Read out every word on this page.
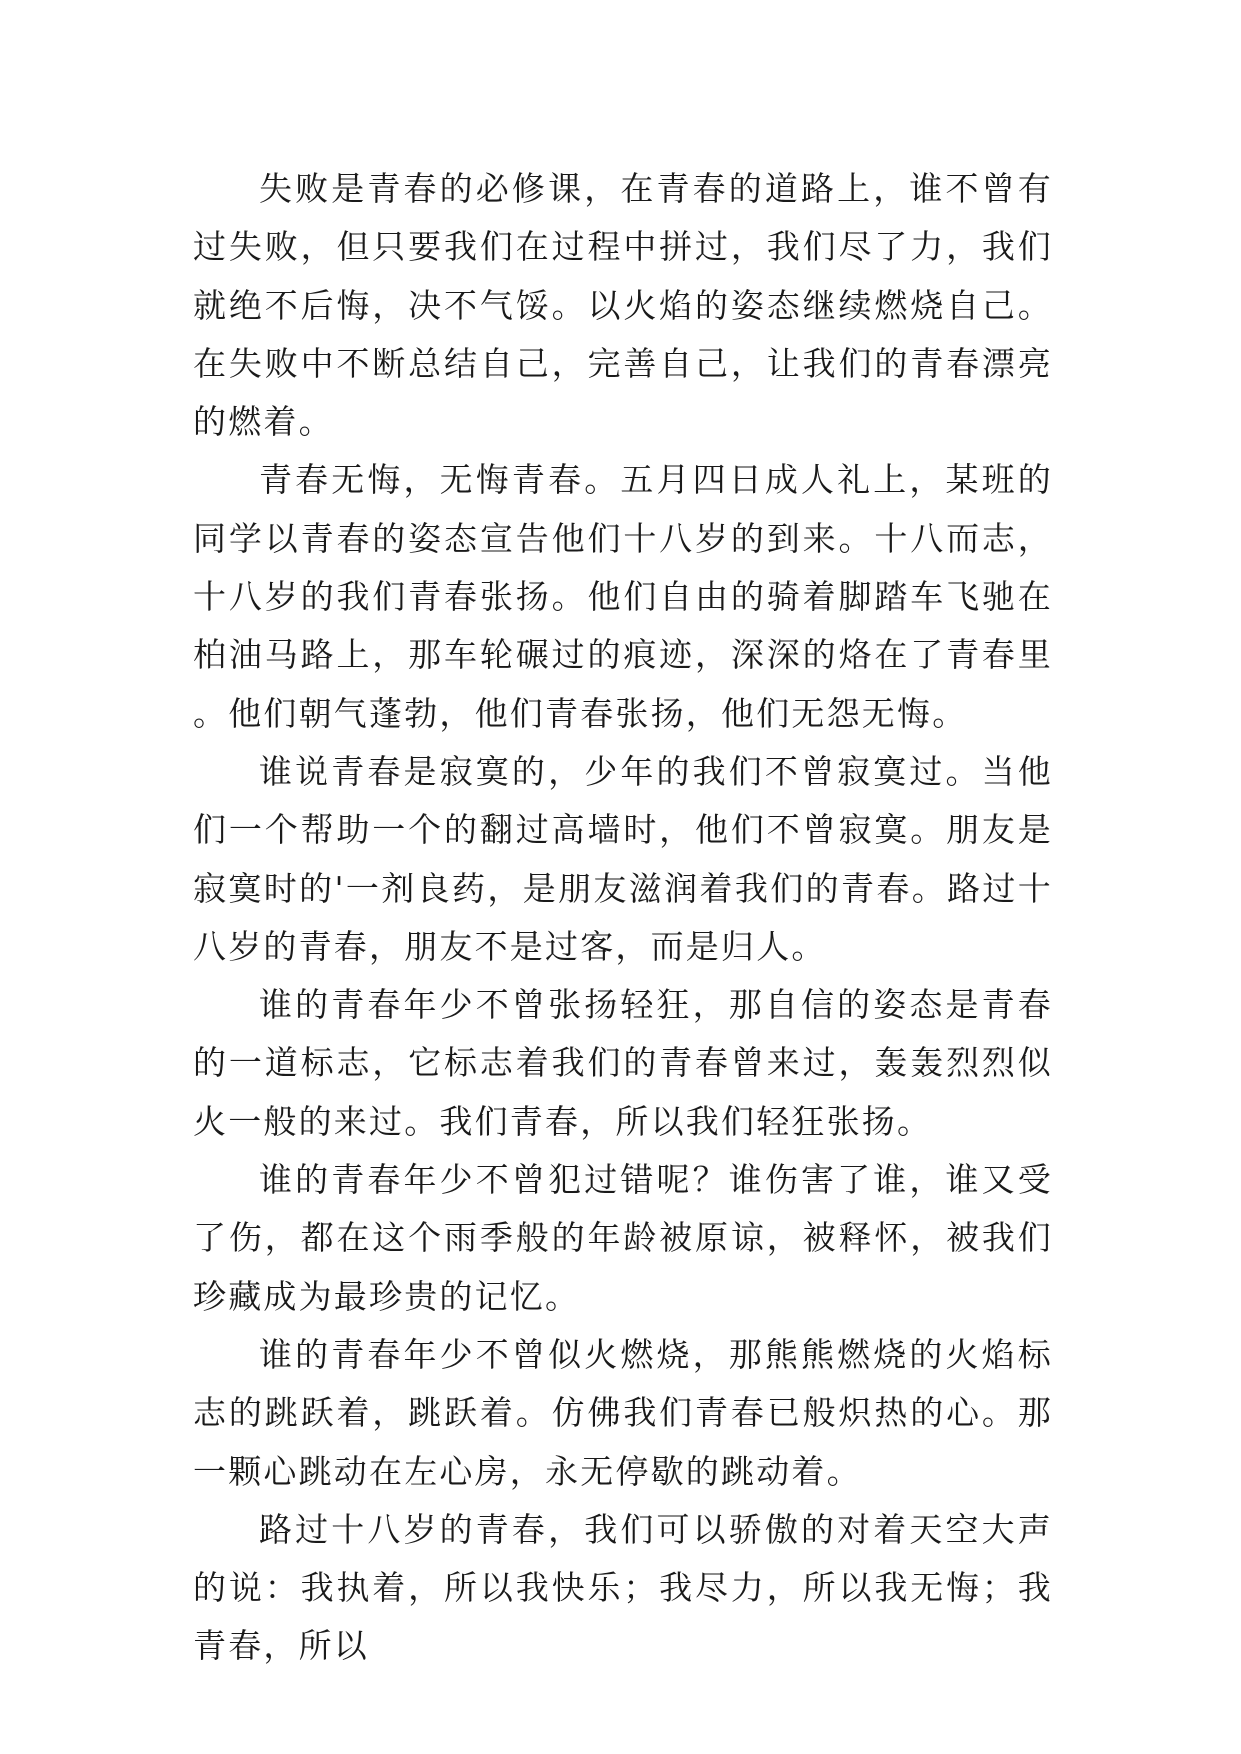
失败是青春的必修课，在青春的道路上，谁不曾有过失败，但只要我们在过程中拼过，我们尽了力，我们就绝不后悔，决不气馁。以火焰的姿态继续燃烧自己。在失败中不断总结自己，完善自己，让我们的青春漂亮的燃着。

青春无悔，无悔青春。五月四日成人礼上，某班的同学以青春的姿态宣告他们十八岁的到来。十八而志，十八岁的我们青春张扬。他们自由的骑着脚踏车飞驰在柏油马路上，那车轮碾过的痕迹，深深的烙在了青春里。他们朝气蓬勃，他们青春张扬，他们无怨无悔。

谁说青春是寂寞的，少年的我们不曾寂寞过。当他们一个帮助一个的翻过高墙时，他们不曾寂寞。朋友是寂寞时的'一剂良药，是朋友滋润着我们的青春。路过十八岁的青春，朋友不是过客，而是归人。

谁的青春年少不曾张扬轻狂，那自信的姿态是青春的一道标志，它标志着我们的青春曾来过，轰轰烈烈似火一般的来过。我们青春，所以我们轻狂张扬。

谁的青春年少不曾犯过错呢？谁伤害了谁，谁又受了伤，都在这个雨季般的年龄被原谅，被释怀，被我们珍藏成为最珍贵的记忆。

谁的青春年少不曾似火燃烧，那熊熊燃烧的火焰标志的跳跃着，跳跃着。仿佛我们青春已般炽热的心。那一颗心跳动在左心房，永无停歇的跳动着。

路过十八岁的青春，我们可以骄傲的对着天空大声的说：我执着，所以我快乐；我尽力，所以我无悔；我青春，所以
